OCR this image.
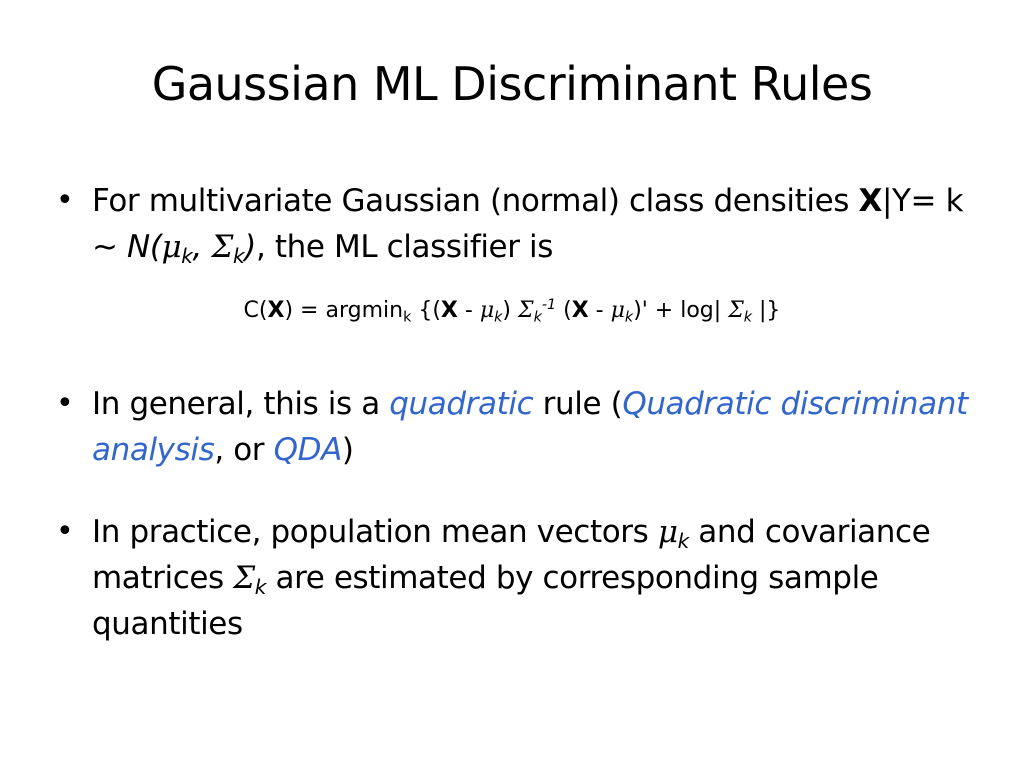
Gaussian ML Discriminant Rules
• For multivariate Gaussian (normal) class densities X|Y= k ~ $N(\mu_k$, $\Sigma_k$), the ML classifier is
C(X) = argmin$_k$ {$(X - \mu_k)$ $\Sigma_k^{-1}$ $(X - \mu_k)' + \log|$ $\Sigma_k$ |}
• In general, this is a quadratic rule (Quadratic discriminant analysis, or QDA)
• In practice, population mean vectors $\mu_k$ and covariance matrices $\Sigma_k$ are estimated by corresponding sample quantities
